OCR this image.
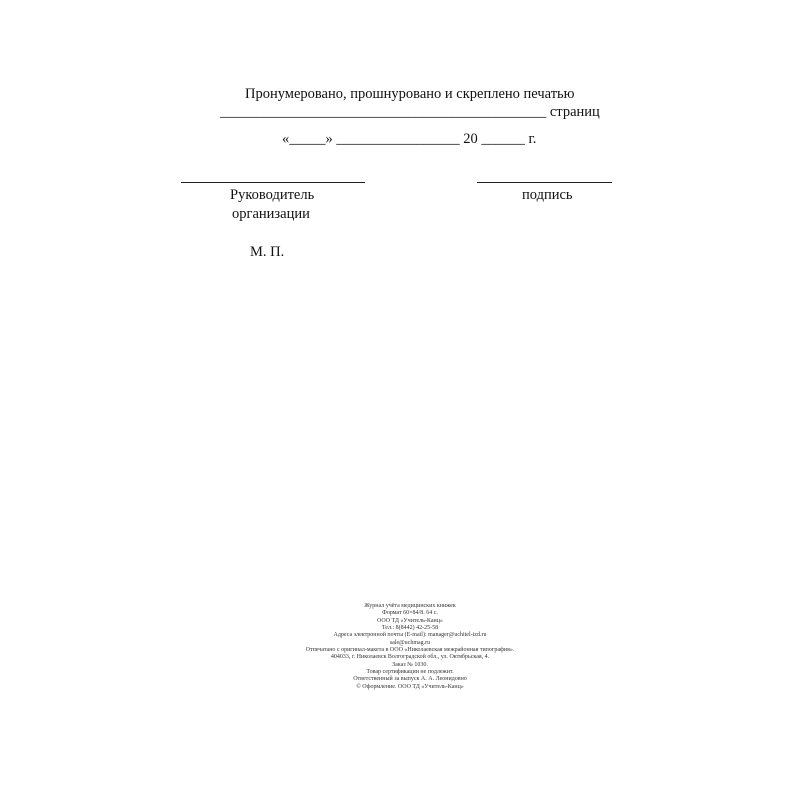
Пронумеровано, прошнуровано и скреплено печатью
_____________________________________________ страниц
«_____» _________________ 20 ______ г.
Руководитель
организации
подпись
М. П.
Журнал учёта медицинских книжек
Формат 60×84/8. 64 с.
ООО ТД «Учитель-Канц»
Тел.: 8(8442) 42-25-58
Адреса электронной почты (E-mail): manager@uchitel-izd.ru
sale@uchmag.ru
Отпечатано с оригинал-макета в ООО «Николаевская межрайонная типография».
404033, г. Николаевск Волгоградской обл., ул. Октябрьская, 4.
Заказ № 1030.
Товар сертификации не подлежит.
Ответственный за выпуск А. А. Леонидовно
© Оформление. ООО ТД «Учитель-Канц»
